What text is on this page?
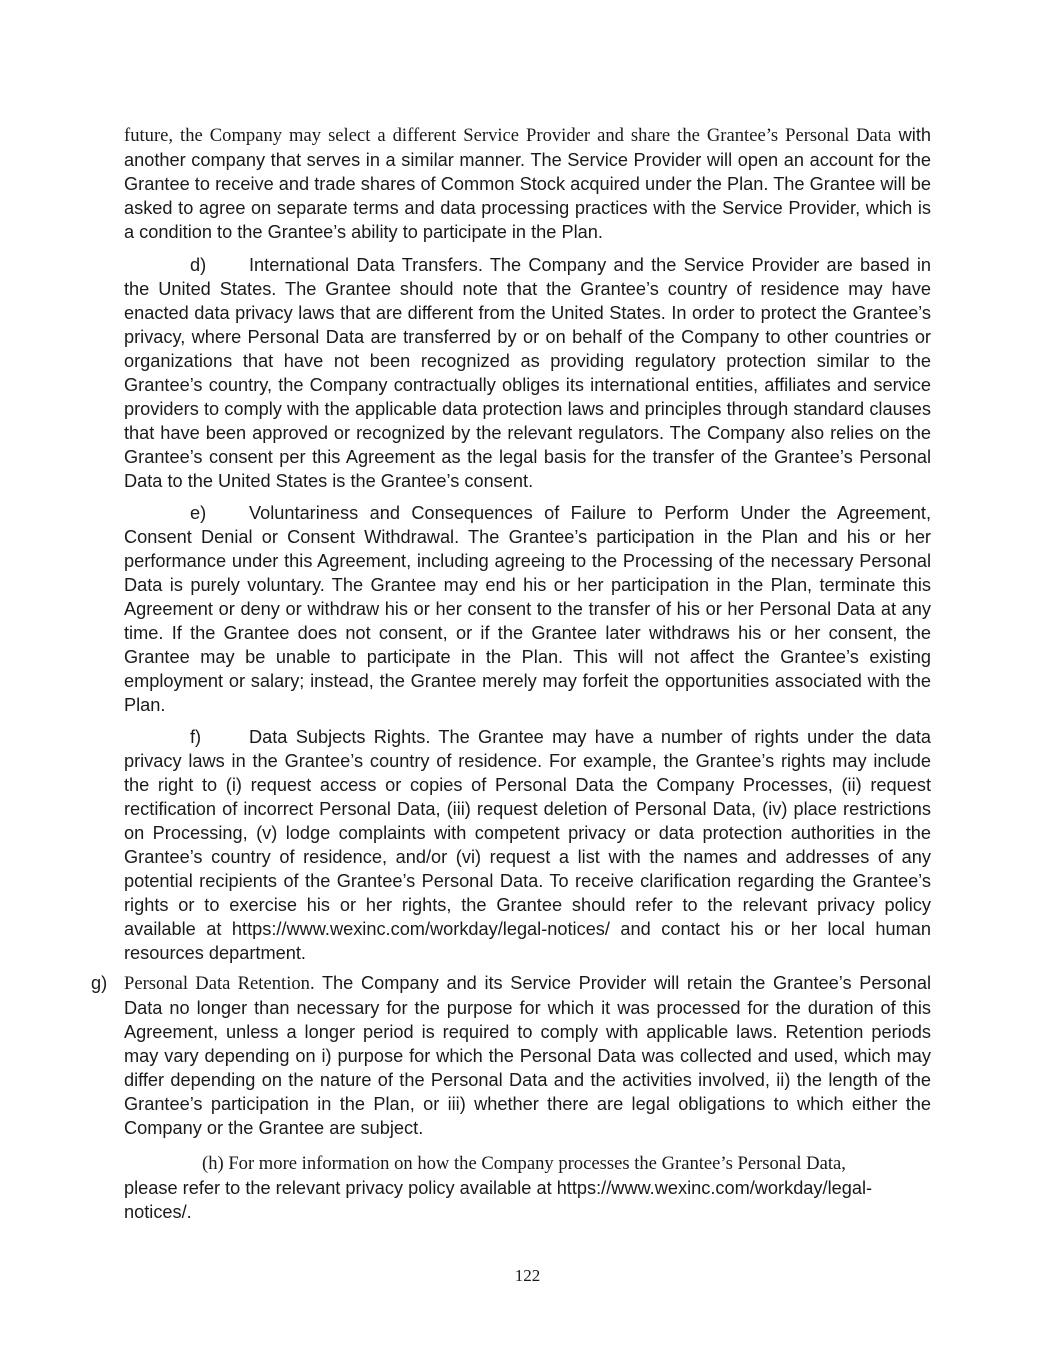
future, the Company may select a different Service Provider and share the Grantee’s Personal Data with another company that serves in a similar manner. The Service Provider will open an account for the Grantee to receive and trade shares of Common Stock acquired under the Plan. The Grantee will be asked to agree on separate terms and data processing practices with the Service Provider, which is a condition to the Grantee’s ability to participate in the Plan.

d) International Data Transfers. The Company and the Service Provider are based in the United States. The Grantee should note that the Grantee’s country of residence may have enacted data privacy laws that are different from the United States. In order to protect the Grantee’s privacy, where Personal Data are transferred by or on behalf of the Company to other countries or organizations that have not been recognized as providing regulatory protection similar to the Grantee’s country, the Company contractually obliges its international entities, affiliates and service providers to comply with the applicable data protection laws and principles through standard clauses that have been approved or recognized by the relevant regulators. The Company also relies on the Grantee’s consent per this Agreement as the legal basis for the transfer of the Grantee’s Personal Data to the United States is the Grantee’s consent.

e) Voluntariness and Consequences of Failure to Perform Under the Agreement, Consent Denial or Consent Withdrawal. The Grantee’s participation in the Plan and his or her performance under this Agreement, including agreeing to the Processing of the necessary Personal Data is purely voluntary. The Grantee may end his or her participation in the Plan, terminate this Agreement or deny or withdraw his or her consent to the transfer of his or her Personal Data at any time. If the Grantee does not consent, or if the Grantee later withdraws his or her consent, the Grantee may be unable to participate in the Plan. This will not affect the Grantee’s existing employment or salary; instead, the Grantee merely may forfeit the opportunities associated with the Plan.

f)	Data Subjects Rights. The Grantee may have a number of rights under the data privacy laws in the Grantee’s country of residence. For example, the Grantee’s rights may include the right to (i) request access or copies of Personal Data the Company Processes, (ii) request rectification of incorrect Personal Data, (iii) request deletion of Personal Data, (iv) place restrictions on Processing, (v) lodge complaints with competent privacy or data protection authorities in the Grantee’s country of residence, and/or (vi) request a list with the names and addresses of any potential recipients of the Grantee’s Personal Data. To receive clarification regarding the Grantee’s rights or to exercise his or her rights, the Grantee should refer to the relevant privacy policy available at https://www.wexinc.com/workday/legal-notices/ and contact his or her local human resources department.

g) Personal Data Retention. The Company and its Service Provider will retain the Grantee’s Personal Data no longer than necessary for the purpose for which it was processed for the duration of this Agreement, unless a longer period is required to comply with applicable laws. Retention periods may vary depending on i) purpose for which the Personal Data was collected and used, which may differ depending on the nature of the Personal Data and the activities involved, ii) the length of the Grantee’s participation in the Plan, or iii) whether there are legal obligations to which either the Company or the Grantee are subject.

(h) For more information on how the Company processes the Grantee’s Personal Data,
please refer to the relevant privacy policy available at https://www.wexinc.com/workday/legal-notices/.

122
